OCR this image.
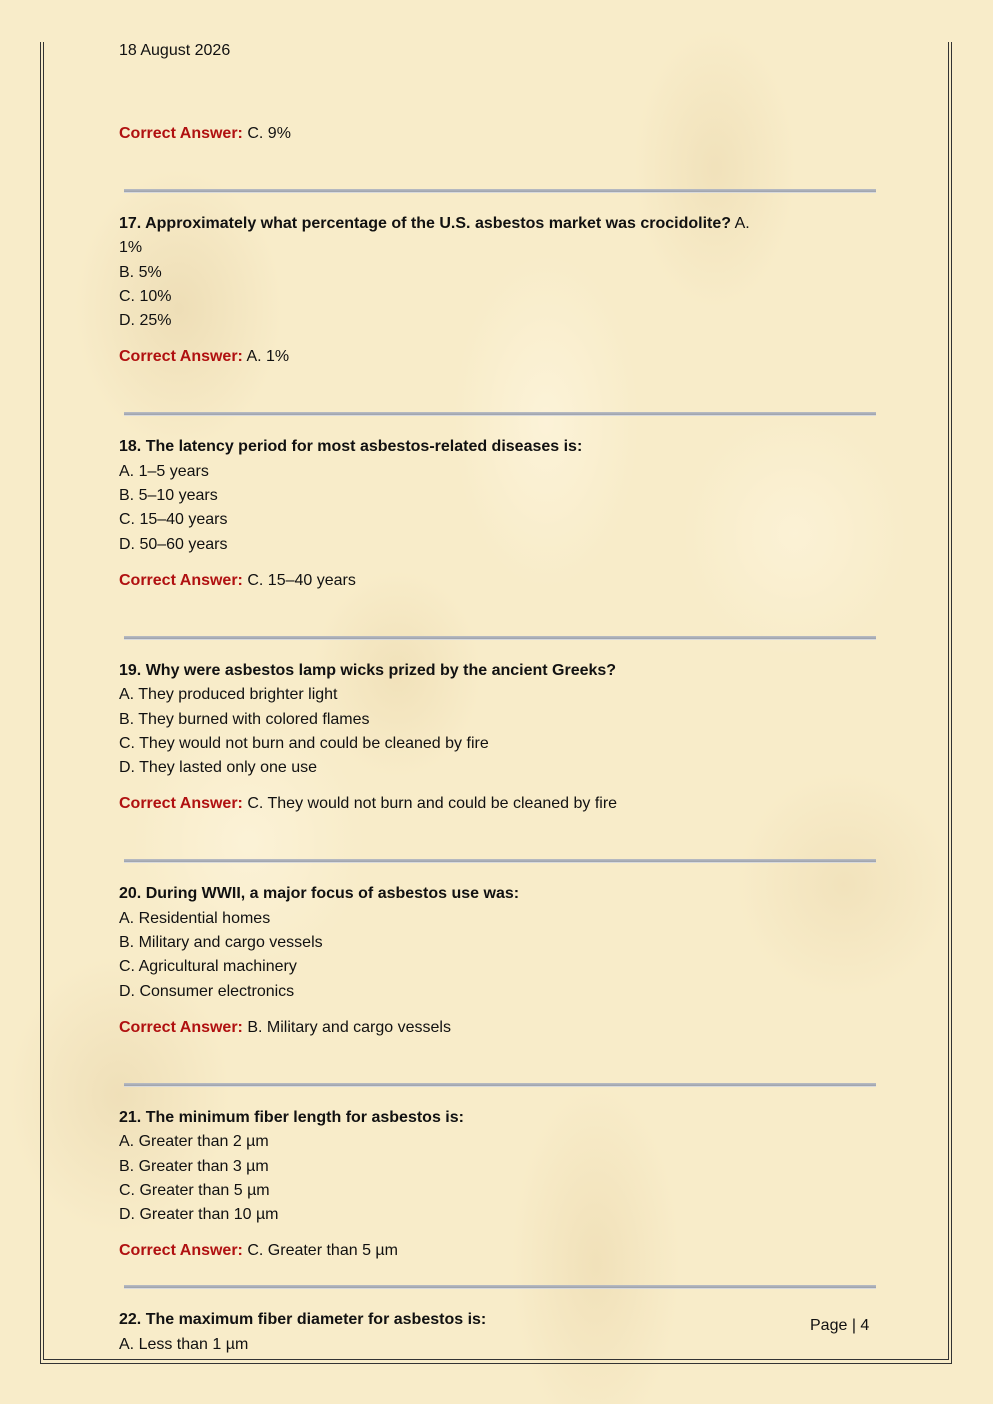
18 August 2026
Correct Answer: C. 9%
17. Approximately what percentage of the U.S. asbestos market was crocidolite? A.
1%
B. 5%
C. 10%
D. 25%
Correct Answer: A. 1%
18. The latency period for most asbestos-related diseases is:
A. 1–5 years
B. 5–10 years
C. 15–40 years
D. 50–60 years
Correct Answer: C. 15–40 years
19. Why were asbestos lamp wicks prized by the ancient Greeks?
A. They produced brighter light
B. They burned with colored flames
C. They would not burn and could be cleaned by fire
D. They lasted only one use
Correct Answer: C. They would not burn and could be cleaned by fire
20. During WWII, a major focus of asbestos use was:
A. Residential homes
B. Military and cargo vessels
C. Agricultural machinery
D. Consumer electronics
Correct Answer: B. Military and cargo vessels
21. The minimum fiber length for asbestos is:
A. Greater than 2 µm
B. Greater than 3 µm
C. Greater than 5 µm
D. Greater than 10 µm
Correct Answer: C. Greater than 5 µm
22. The maximum fiber diameter for asbestos is:
A. Less than 1 µm
Page | 4
